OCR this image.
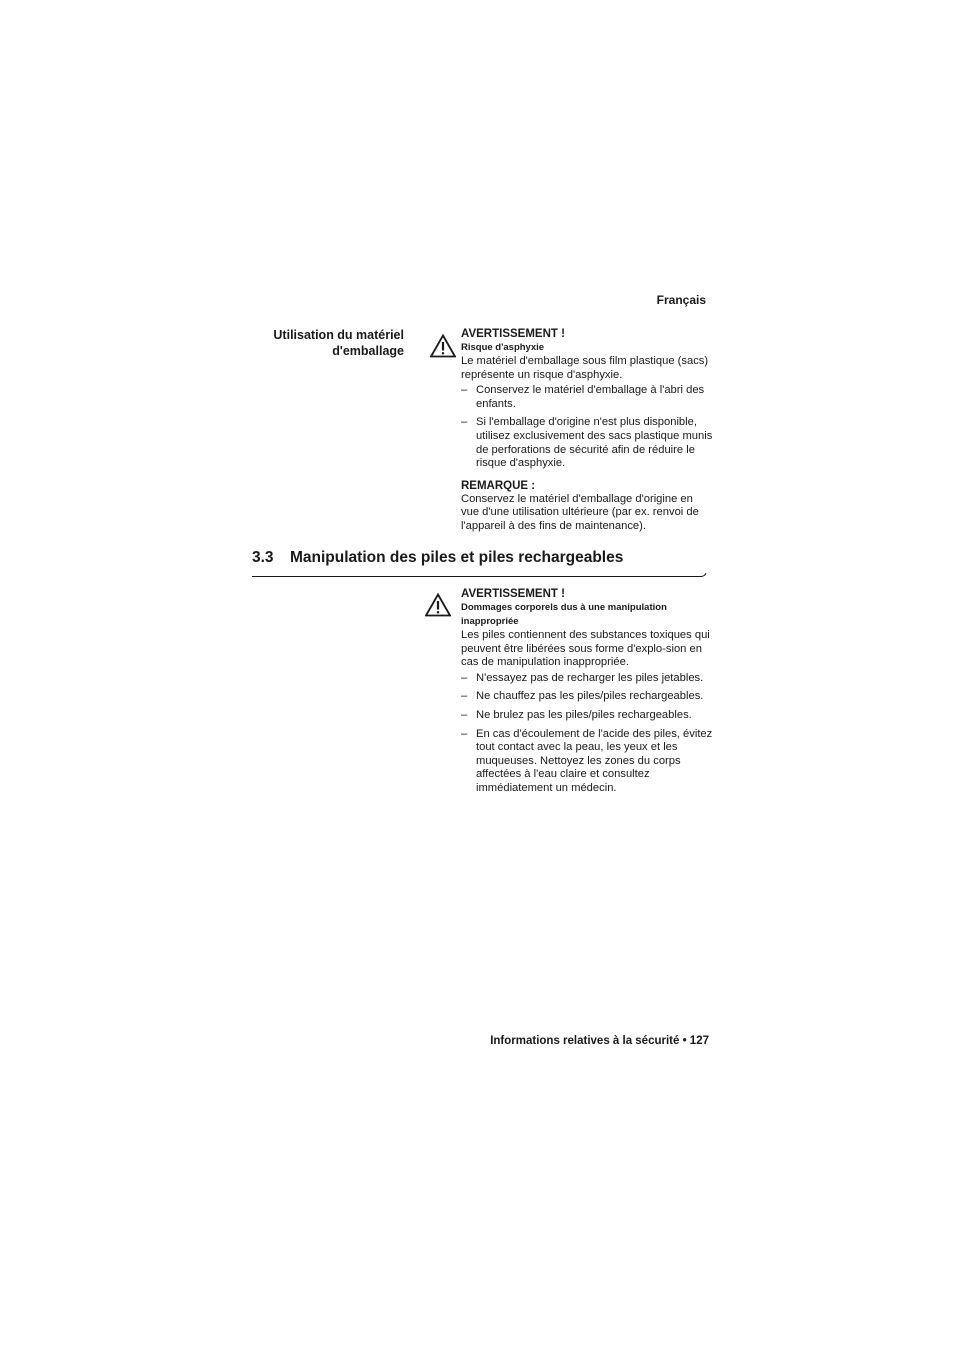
Français
Utilisation du matériel
d'emballage
AVERTISSEMENT !
Risque d'asphyxie

Le matériel d'emballage sous film plastique (sacs) représente un risque d'asphyxie.

– Conservez le matériel d'emballage à l'abri des enfants.
– Si l'emballage d'origine n'est plus disponible, utilisez exclusivement des sacs plastique munis de perforations de sécurité afin de réduire le risque d'asphyxie.
REMARQUE :

Conservez le matériel d'emballage d'origine en vue d'une utilisation ultérieure (par ex. renvoi de l'appareil à des fins de maintenance).

3.3 Manipulation des piles et piles rechargeables
AVERTISSEMENT !
Dommages corporels dus à une manipulation inappropriée

Les piles contiennent des substances toxiques qui peuvent être libérées sous forme d'explo-sion en cas de manipulation inappropriée.

– N'essayez pas de recharger les piles jetables.
– Ne chauffez pas les piles/piles rechargeables.
– Ne brulez pas les piles/piles rechargeables.
– En cas d'écoulement de l'acide des piles, évitez tout contact avec la peau, les yeux et les muqueuses. Nettoyez les zones du corps affectées à l'eau claire et consultez immédiatement un médecin.
Informations relatives à la sécurité • 127
